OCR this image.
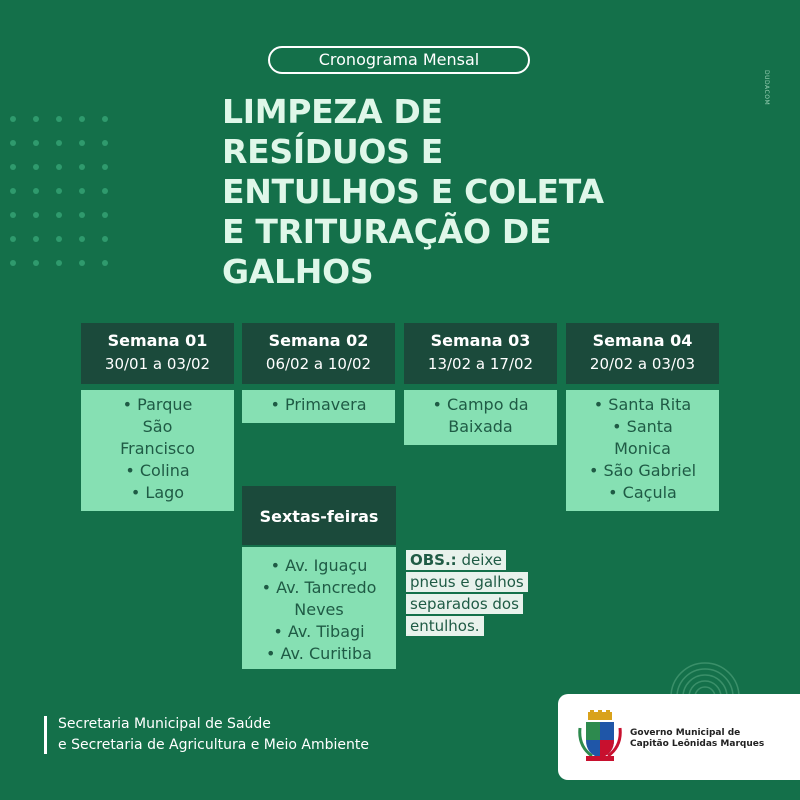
Cronograma Mensal
DUDACOM
LIMPEZA DE
RESÍDUOS E
ENTULHOS E COLETA
E TRITURAÇÃO DE
GALHOS
Semana 01
30/01 a 03/02
• Parque
São
Francisco
• Colina
• Lago
Semana 02
06/02 a 10/02
• Primavera
Semana 03
13/02 a 17/02
• Campo da
Baixada
Semana 04
20/02 a 03/03
• Santa Rita
• Santa
Monica
• São Gabriel
• Caçula
Sextas-feiras
• Av. Iguaçu
• Av. Tancredo
Neves
• Av. Tibagi
• Av. Curitiba
OBS.: deixe
pneus e galhos
separados dos
entulhos.
Secretaria Municipal de Saúde
e Secretaria de Agricultura e Meio Ambiente
Governo Municipal de
Capitão Leônidas Marques
